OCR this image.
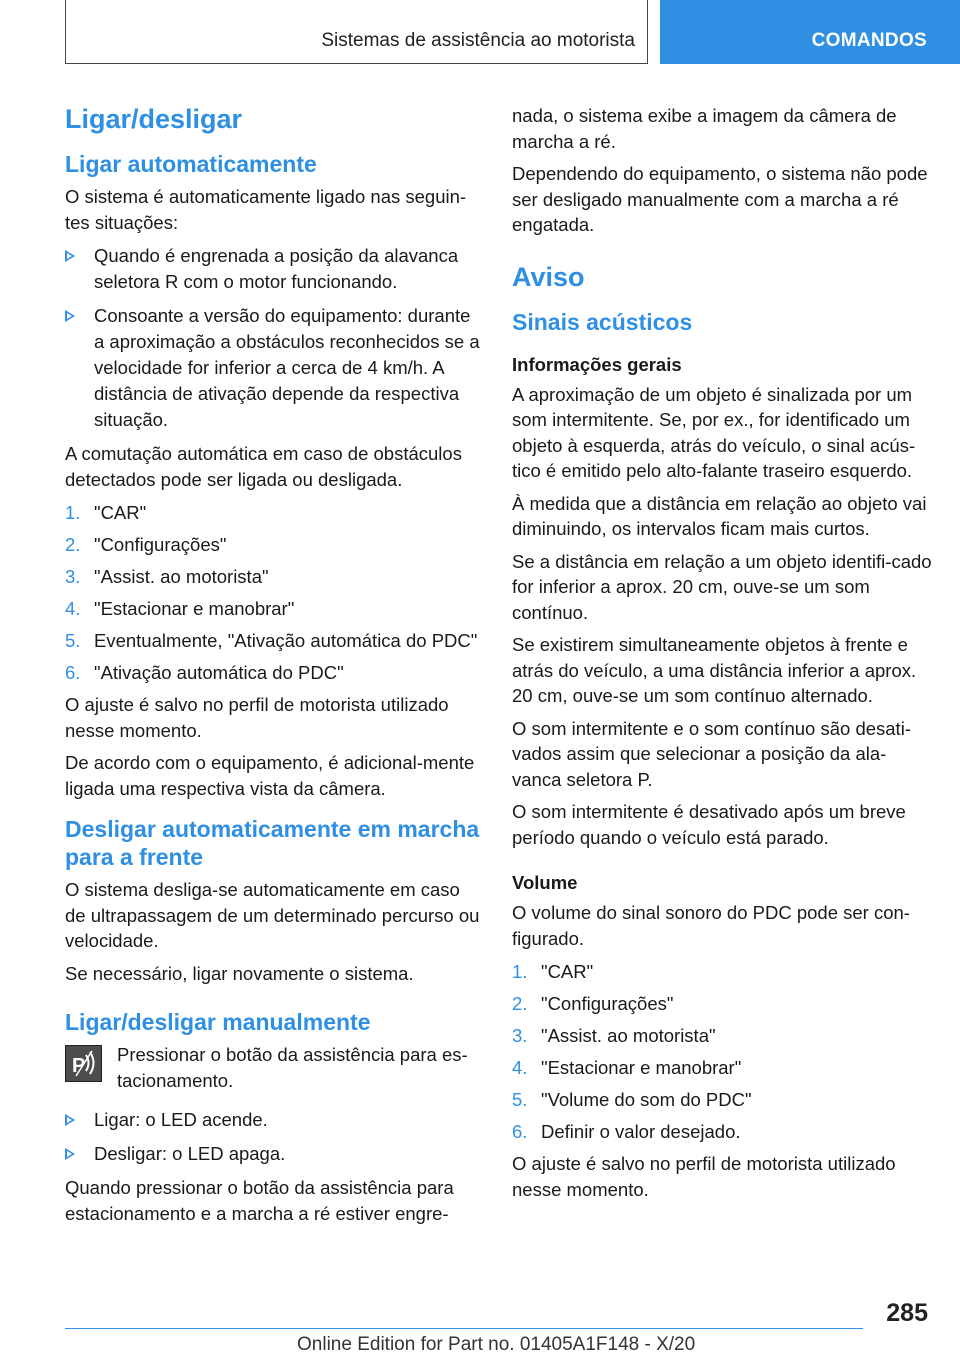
Sistemas de assistência ao motorista	COMANDOS
Ligar/desligar
Ligar automaticamente

O sistema é automaticamente ligado nas seguin-tes situações:

Quando é engrenada a posição da alavanca seletora R com o motor funcionando.
Consoante a versão do equipamento: durante a aproximação a obstáculos reconhecidos se a velocidade for inferior a cerca de 4 km/h. A distância de ativação depende da respectiva situação.

A comutação automática em caso de obstáculos detectados pode ser ligada ou desligada.

1. "CAR"
2. "Configurações"
3. "Assist. ao motorista"
4. "Estacionar e manobrar"
5. Eventualmente, "Ativação automática do PDC"
6. "Ativação automática do PDC"

O ajuste é salvo no perfil de motorista utilizado nesse momento.

De acordo com o equipamento, é adicional-mente ligada uma respectiva vista da câmera.

Desligar automaticamente em marcha para a frente

O sistema desliga-se automaticamente em caso de ultrapassagem de um determinado percurso ou velocidade.

Se necessário, ligar novamente o sistema.

Ligar/desligar manualmente
P

Pressionar o botão da assistência para es-tacionamento.

Ligar: o LED acende.
Desligar: o LED apaga.

Quando pressionar o botão da assistência para estacionamento e a marcha a ré estiver engre-

nada, o sistema exibe a imagem da câmera de marcha a ré.

Dependendo do equipamento, o sistema não pode ser desligado manualmente com a marcha a ré engatada.

Aviso
Sinais acústicos
Informações gerais

A aproximação de um objeto é sinalizada por um som intermitente. Se, por ex., for identificado um objeto à esquerda, atrás do veículo, o sinal acús-tico é emitido pelo alto-falante traseiro esquerdo.

À medida que a distância em relação ao objeto vai diminuindo, os intervalos ficam mais curtos.

Se a distância em relação a um objeto identifi-cado for inferior a aprox. 20 cm, ouve-se um som contínuo.

Se existirem simultaneamente objetos à frente e atrás do veículo, a uma distância inferior a aprox. 20 cm, ouve-se um som contínuo alternado.

O som intermitente e o som contínuo são desati-vados assim que selecionar a posição da ala-vanca seletora P.

O som intermitente é desativado após um breve período quando o veículo está parado.

Volume

O volume do sinal sonoro do PDC pode ser con-figurado.

1. "CAR"
2. "Configurações"
3. "Assist. ao motorista"
4. "Estacionar e manobrar"
5. "Volume do som do PDC"
6. Definir o valor desejado.

O ajuste é salvo no perfil de motorista utilizado nesse momento.

285
Online Edition for Part no. 01405A1F148 - X/20
